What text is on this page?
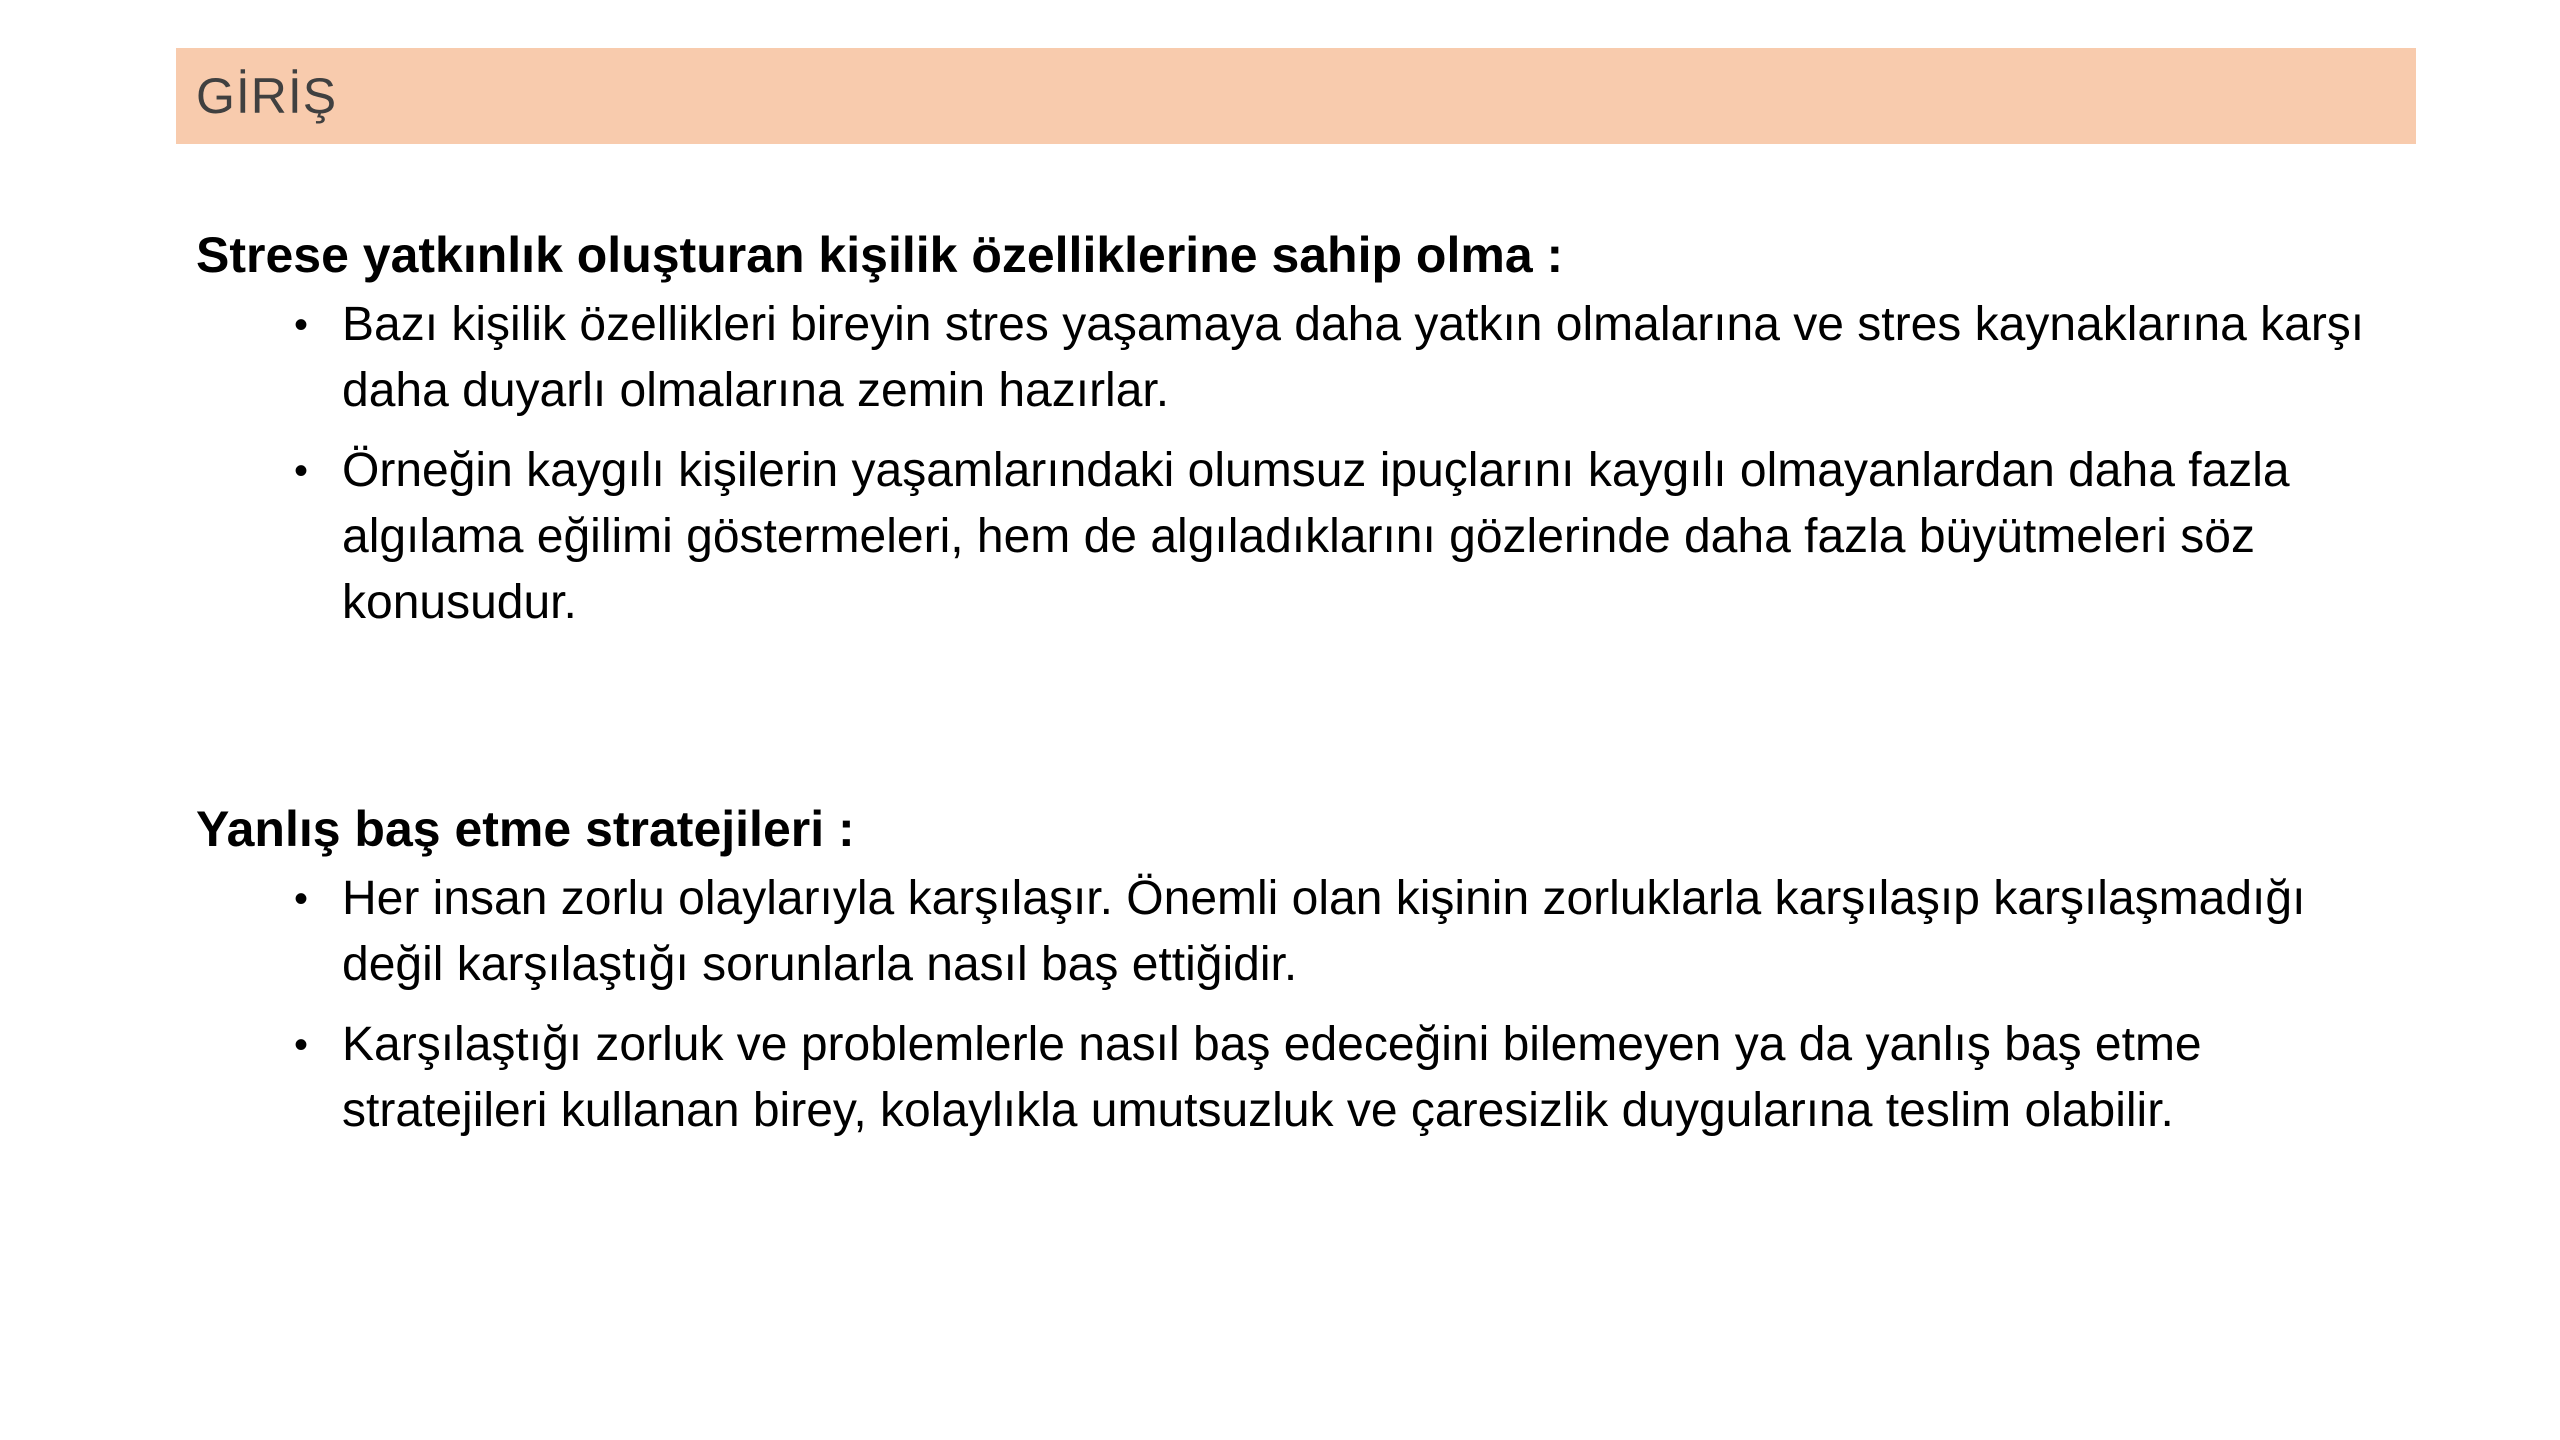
GİRİŞ
Strese yatkınlık oluşturan kişilik özelliklerine sahip olma :
• Bazı kişilik özellikleri bireyin stres yaşamaya daha yatkın olmalarına ve stres kaynaklarına karşı daha duyarlı olmalarına zemin hazırlar.
• Örneğin kaygılı kişilerin yaşamlarındaki olumsuz ipuçlarını kaygılı olmayanlardan daha fazla algılama eğilimi göstermeleri, hem de algıladıklarını gözlerinde daha fazla büyütmeleri söz konusudur.
Yanlış baş etme stratejileri :
• Her insan zorlu olaylarıyla karşılaşır. Önemli olan kişinin zorluklarla karşılaşıp karşılaşmadığı değil karşılaştığı sorunlarla nasıl baş ettiğidir.
• Karşılaştığı zorluk ve problemlerle nasıl baş edeceğini bilemeyen ya da yanlış baş etme stratejileri kullanan birey, kolaylıkla umutsuzluk ve çaresizlik duygularına teslim olabilir.
